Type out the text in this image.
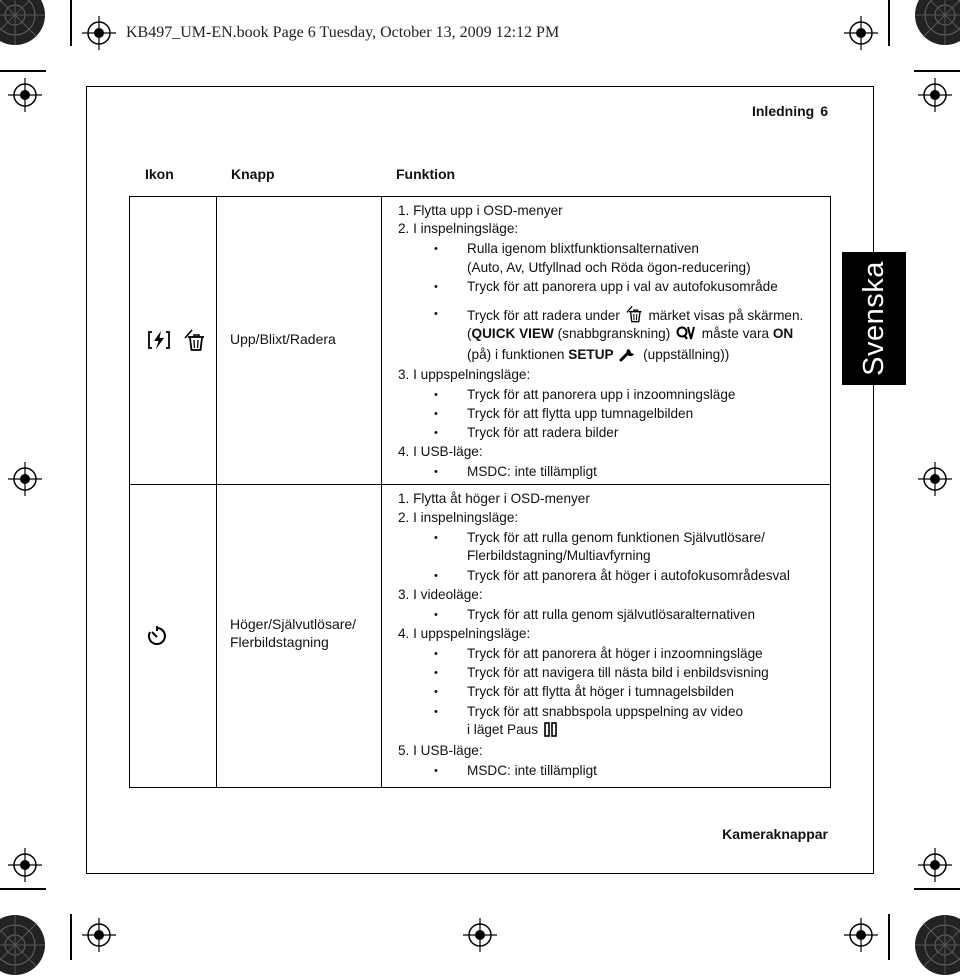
KB497_UM-EN.book Page 6 Tuesday, October 13, 2009 12:12 PM
Inledning 6
Svenska
Ikon	Knapp	Funktion
Upp/Blixt/Radera
1. Flytta upp i OSD-menyer
2. I inspelningsläge:
• Rulla igenom blixtfunktionsalternativen
(Auto, Av, Utfyllnad och Röda ögon-reducering)
• Tryck för att panorera upp i val av autofokusområde
• Tryck för att radera under märket visas på skärmen.
(QUICK VIEW (snabbgranskning)  måste vara ON
(på) i funktionen SETUP  (uppställning))
3. I uppspelningsläge:
• Tryck för att panorera upp i inzoomningsläge
• Tryck för att flytta upp tumnagelbilden
• Tryck för att radera bilder
4. I USB-läge:
• MSDC: inte tillämpligt
Höger/Självutlösare/
Flerbildstagning
1. Flytta åt höger i OSD-menyer
2. I inspelningsläge:
• Tryck för att rulla genom funktionen Självutlösare/
Flerbildstagning/Multiavfyrning
• Tryck för att panorera åt höger i autofokusområdesval
3. I videoläge:
• Tryck för att rulla genom självutlösaralternativen
4. I uppspelningsläge:
• Tryck för att panorera åt höger i inzoomningsläge
• Tryck för att navigera till nästa bild i enbildsvisning
• Tryck för att flytta åt höger i tumnagelsbilden
• Tryck för att snabbspola uppspelning av video
i läget Paus
5. I USB-läge:
• MSDC: inte tillämpligt
Kameraknappar
